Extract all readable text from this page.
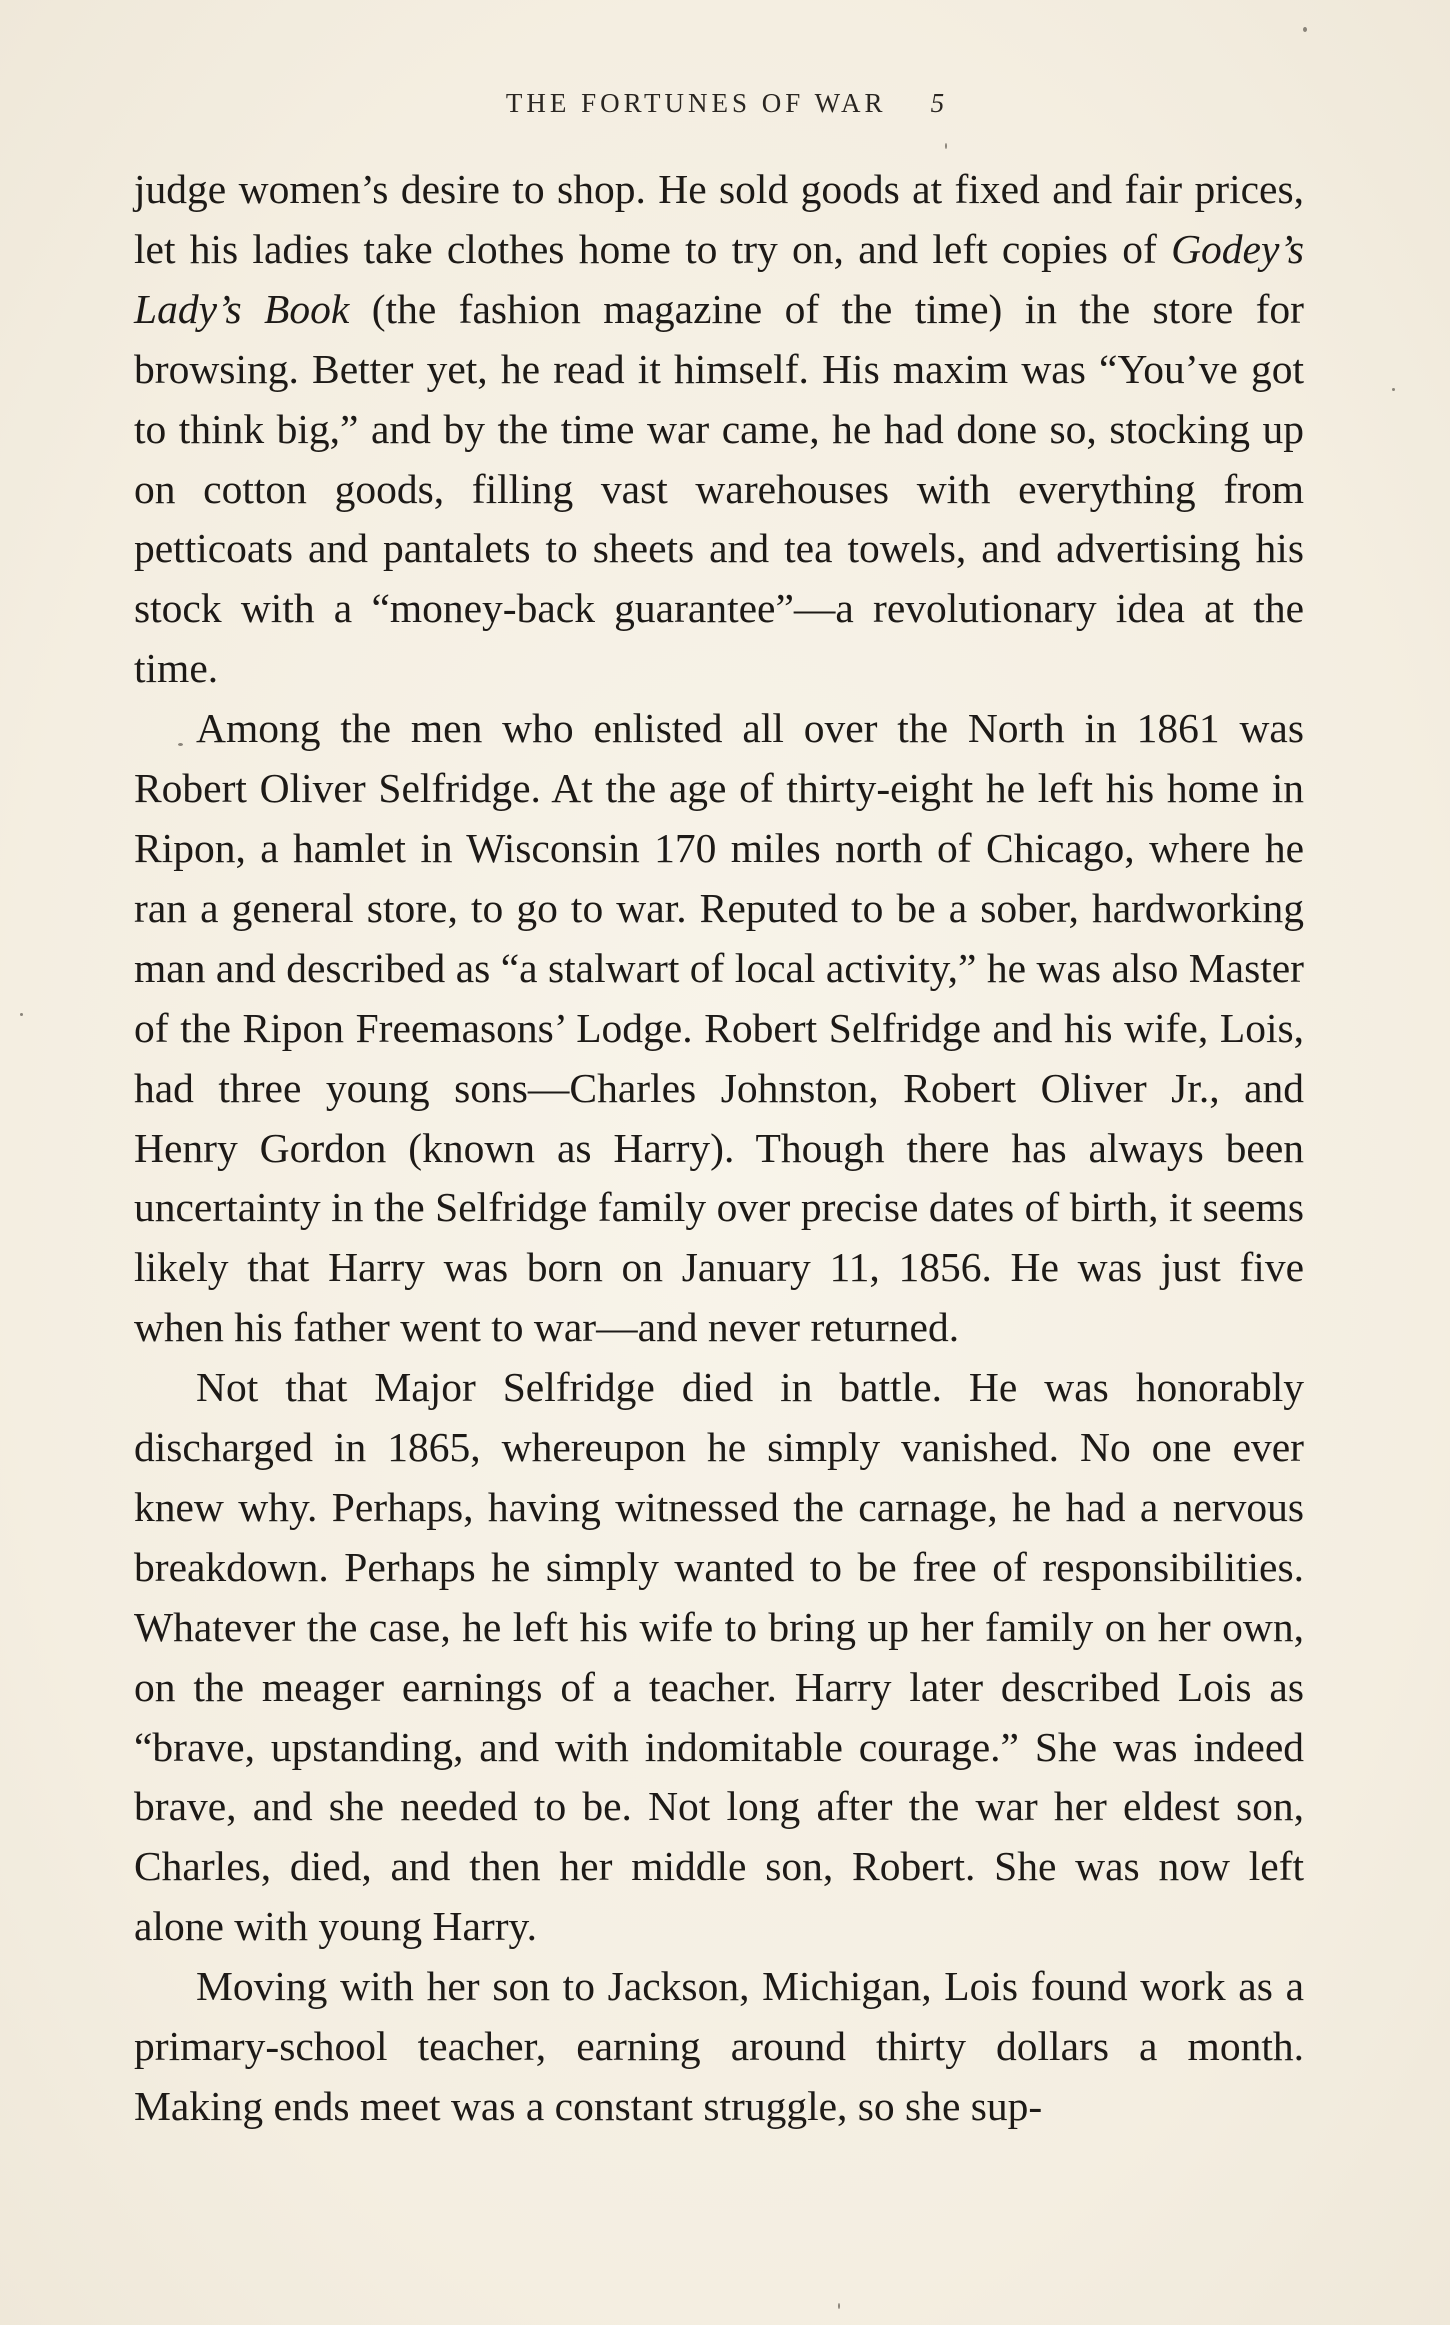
THE FORTUNES OF WAR 5

judge women’s desire to shop. He sold goods at fixed and fair prices, let his ladies take clothes home to try on, and left copies of Godey’s Lady’s Book (the fashion magazine of the time) in the store for browsing. Better yet, he read it himself. His maxim was “You’ve got to think big,” and by the time war came, he had done so, stocking up on cotton goods, filling vast warehouses with everything from petticoats and pantalets to sheets and tea towels, and advertising his stock with a “money-back guarantee”—a revolutionary idea at the time.

Among the men who enlisted all over the North in 1861 was Robert Oliver Selfridge. At the age of thirty-eight he left his home in Ripon, a hamlet in Wisconsin 170 miles north of Chicago, where he ran a general store, to go to war. Reputed to be a sober, hardworking man and described as “a stalwart of local activity,” he was also Master of the Ripon Freemasons’ Lodge. Robert Selfridge and his wife, Lois, had three young sons—Charles Johnston, Robert Oliver Jr., and Henry Gordon (known as Harry). Though there has always been uncertainty in the Selfridge family over precise dates of birth, it seems likely that Harry was born on January 11, 1856. He was just five when his father went to war—and never returned.

Not that Major Selfridge died in battle. He was honorably discharged in 1865, whereupon he simply vanished. No one ever knew why. Perhaps, having witnessed the carnage, he had a nervous breakdown. Perhaps he simply wanted to be free of responsibilities. Whatever the case, he left his wife to bring up her family on her own, on the meager earnings of a teacher. Harry later described Lois as “brave, upstanding, and with indomitable courage.” She was indeed brave, and she needed to be. Not long after the war her eldest son, Charles, died, and then her middle son, Robert. She was now left alone with young Harry.

Moving with her son to Jackson, Michigan, Lois found work as a primary-school teacher, earning around thirty dollars a month. Making ends meet was a constant struggle, so she sup-
